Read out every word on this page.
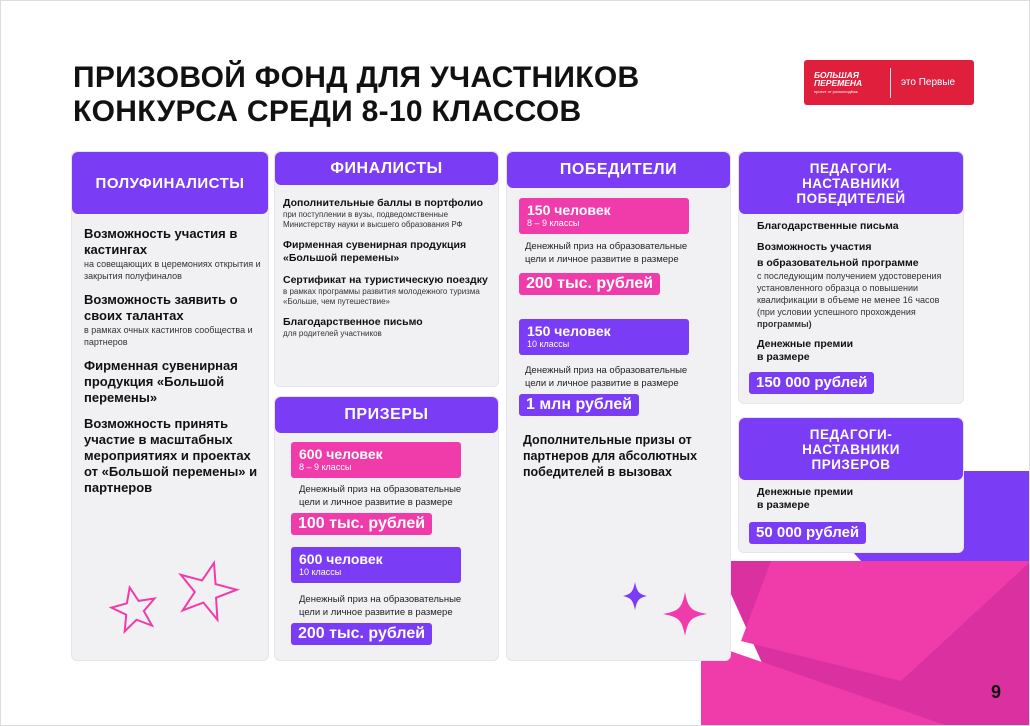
ПРИЗОВОЙ ФОНД ДЛЯ УЧАСТНИКОВ
КОНКУРСА СРЕДИ 8-10 КЛАССОВ
БОЛЬШАЯ
ПЕРЕМЕНА
проект от росмолодёжь
это Первые
ПОЛУФИНАЛИСТЫ
Возможность участия в кастингах
на совещающих в церемониях открытия и закрытия полуфиналов
Возможность заявить о своих талантах
в рамках очных кастингов сообщества и партнеров
Фирменная сувенирная продукция «Большой перемены»
Возможность принять участие в масштабных мероприятиях и проектах от «Большой перемены» и партнеров
ФИНАЛИСТЫ
Дополнительные баллы в портфолио
при поступлении в вузы, подведомственные Министерству науки и высшего образования РФ
Фирменная сувенирная продукция «Большой перемены»
Сертификат на туристическую поездку
в рамках программы развития молодежного туризма «Больше, чем путешествие»
Благодарственное письмо
для родителей участников
ПРИЗЕРЫ
600 человек
8 – 9 классы
Денежный приз на образовательные
цели и личное развитие в размере
100 тыс. рублей
600 человек
10 классы
Денежный приз на образовательные
цели и личное развитие в размере
200 тыс. рублей
ПОБЕДИТЕЛИ
150 человек
8 – 9 классы
Денежный приз на образовательные
цели и личное развитие в размере
200 тыс. рублей
150 человек
10 классы
Денежный приз на образовательные
цели и личное развитие в размере
1 млн рублей
Дополнительные призы от партнеров для абсолютных победителей в вызовах
ПЕДАГОГИ-
НАСТАВНИКИ
ПОБЕДИТЕЛЕЙ
Благодарственные письма
Возможность участия
в образовательной программе
с последующим получением удостоверения установленного образца о повышении квалификации в объеме не менее 16 часов (при условии успешного прохождения программы)
Денежные премии
в размере
150 000 рублей
ПЕДАГОГИ-
НАСТАВНИКИ
ПРИЗЕРОВ
Денежные премии
в размере
50 000 рублей
9
